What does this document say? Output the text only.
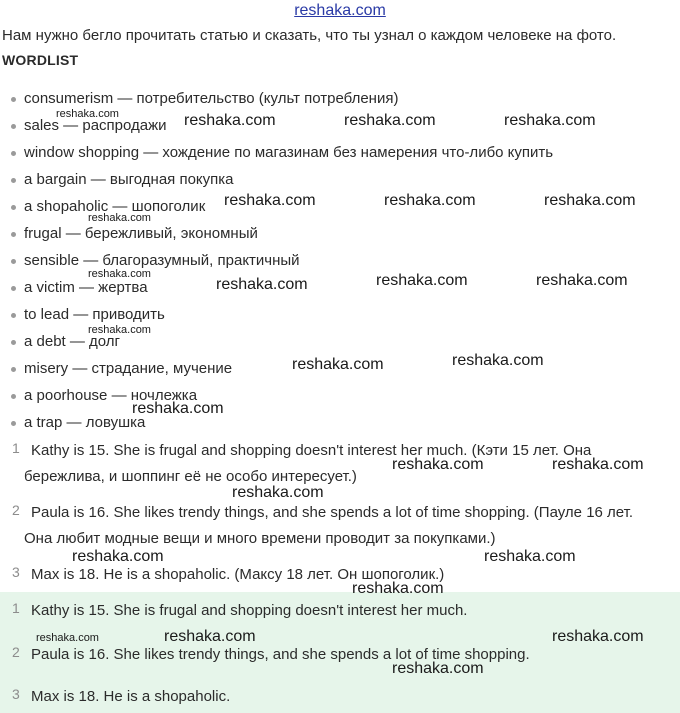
reshaka.com
Нам нужно бегло прочитать статью и сказать, что ты узнал о каждом человеке на фото.
WORDLIST
consumerism — потребительство (культ потребления)
sales — распродажи
window shopping — хождение по магазинам без намерения что-либо купить
a bargain — выгодная покупка
a shopaholic — шопоголик
frugal — бережливый, экономный
sensible — благоразумный, практичный
a victim — жертва
to lead — приводить
a debt — долг
misery — страдание, мучение
a poorhouse — ночлежка
a trap — ловушка
1 Kathy is 15. She is frugal and shopping doesn't interest her much. (Кэти 15 лет. Она
бережлива, и шоппинг её не особо интересует.)
2 Paula is 16. She likes trendy things, and she spends a lot of time shopping. (Пауле 16 лет.
Она любит модные вещи и много времени проводит за покупками.)
3 Max is 18. He is a shopaholic. (Максу 18 лет. Он шопоголик.)
1 Kathy is 15. She is frugal and shopping doesn't interest her much.
2 Paula is 16. She likes trendy things, and she spends a lot of time shopping.
3 Max is 18. He is a shopaholic.
reshaka.com	reshaka.com	reshaka.com	reshaka.com
reshaka.com	reshaka.com	reshaka.com
reshaka.com
reshaka.com
reshaka.com	reshaka.com	reshaka.com
reshaka.com
reshaka.com	reshaka.com
reshaka.com
reshaka.com	reshaka.com
reshaka.com
reshaka.com	reshaka.com
reshaka.com
reshaka.com	reshaka.com	reshaka.com
reshaka.com
